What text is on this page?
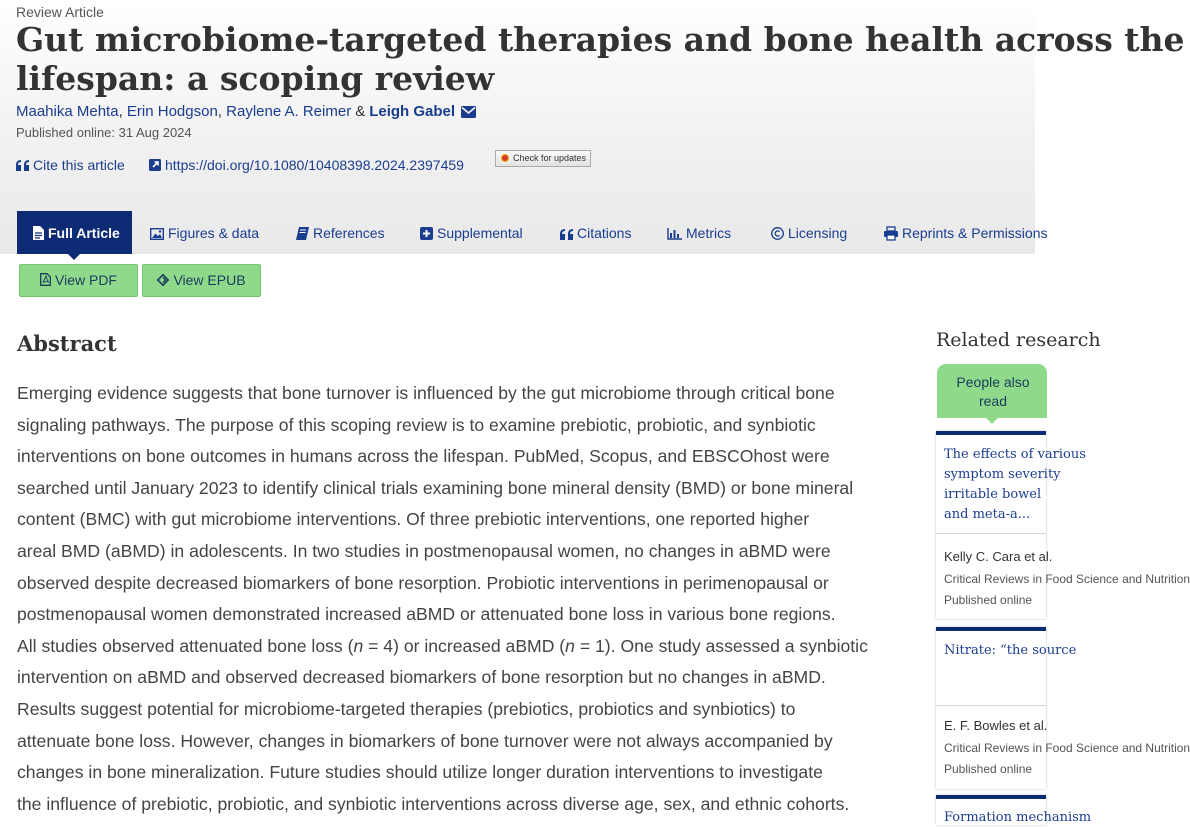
Review Article
Gut microbiome-targeted therapies and bone health across the
lifespan: a scoping review
Maahika Mehta, Erin Hodgson, Raylene A. Reimer & Leigh Gabel
Published online: 31 Aug 2024
Cite this article	https://doi.org/10.1080/10408398.2024.2397459	Check for updates
Full Article	Figures & data	References	Supplemental	Citations	Metrics	Licensing	Reprints & Permissions
View PDF	View EPUB
Abstract

Emerging evidence suggests that bone turnover is influenced by the gut microbiome through critical bone
signaling pathways. The purpose of this scoping review is to examine prebiotic, probiotic, and synbiotic
interventions on bone outcomes in humans across the lifespan. PubMed, Scopus, and EBSCOhost were
searched until January 2023 to identify clinical trials examining bone mineral density (BMD) or bone mineral
content (BMC) with gut microbiome interventions. Of three prebiotic interventions, one reported higher
areal BMD (aBMD) in adolescents. In two studies in postmenopausal women, no changes in aBMD were
observed despite decreased biomarkers of bone resorption. Probiotic interventions in perimenopausal or
postmenopausal women demonstrated increased aBMD or attenuated bone loss in various bone regions.
All studies observed attenuated bone loss (n = 4) or increased aBMD (n = 1). One study assessed a synbiotic
intervention on aBMD and observed decreased biomarkers of bone resorption but no changes in aBMD.
Results suggest potential for microbiome-targeted therapies (prebiotics, probiotics and synbiotics) to
attenuate bone loss. However, changes in biomarkers of bone turnover were not always accompanied by
changes in bone mineralization. Future studies should utilize longer duration interventions to investigate
the influence of prebiotic, probiotic, and synbiotic interventions across diverse age, sex, and ethnic cohorts.

Related research
People also
read
The effects of various
symptom severity
irritable bowel
and meta-a...
Kelly C. Cara et al.
Critical Reviews in Food Science and Nutrition
Published online
Nitrate: “the source
E. F. Bowles et al.
Critical Reviews in Food Science and Nutrition
Published online
Formation mechanism
